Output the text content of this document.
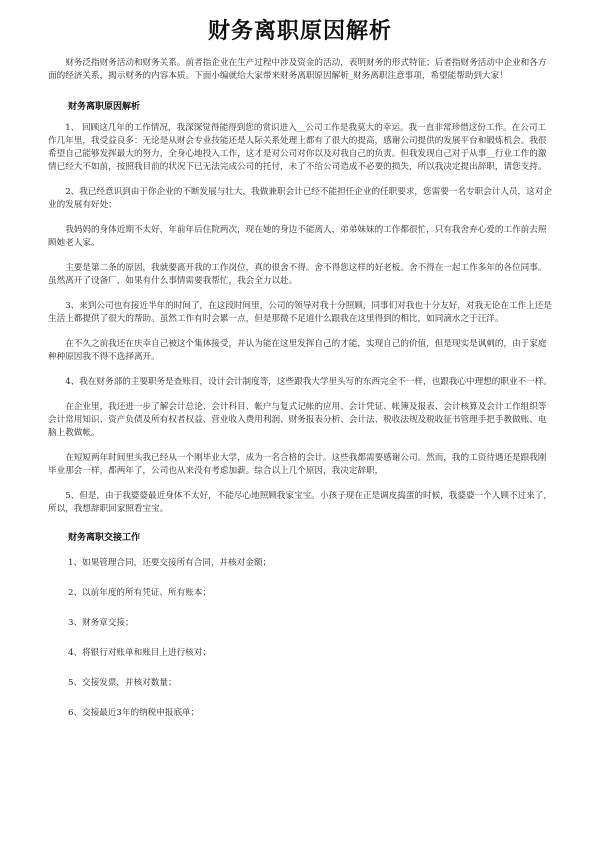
财务离职原因解析

财务泛指财务活动和财务关系。前者指企业在生产过程中涉及资金的活动，表明财务的形式特征；后者指财务活动中企业和各方面的经济关系，揭示财务的内容本质。下面小编就给大家带来财务离职原因解析_财务离职注意事项，希望能帮助到大家！

财务离职原因解析

1、 回顾这几年的工作情况，我深深觉得能得到您的赏识进入__公司工作是我莫大的幸运。我一直非常珍惜这份工作。在公司工作几年里，我受益良多：无论是从财会专业技能还是人际关系处理上都有了很大的提高，感谢公司提供的发展平台和锻炼机会。我很希望自己能够发挥最大的努力，全身心地投入工作，这才是对公司对你以及对我自己的负责。但我发现自己对于从事__行业工作的激情已经大不如前，按照我目前的状况下已无法完成公司的托付，未了不给公司造成不必要的损失，所以我决定提出辞职，请您支持。

2、我已经意识到由于你企业的不断发展与壮大，我做兼职会计已经不能担任企业的任职要求，您需要一名专职会计人员，这对企业的发展有好处；

我妈妈的身体近期不太好，年前年后住院两次，现在她的身边不能离人，弟弟妹妹的工作都很忙，只有我舍弃心爱的工作前去照顾她老人家。

主要是第二条的原因，我就要离开我的工作岗位，真的很舍不得。舍不得您这样的好老板。舍不得在一起工作多年的各位同事。虽然离开了设备厂，如果有什么事情需要我帮忙，我会全力以赴。

3、来到公司也有接近半年的时间了，在这段时间里，公司的领导对我十分照顾，同事们对我也十分友好，对我无论在工作上还是生活上都提供了很大的帮助。虽然工作有时会累一点，但是那微不足道什么跟我在这里得到的相比，如同滴水之于汪洋。

在不久之前我还在庆幸自己被这个集体接受，并认为能在这里发挥自己的才能，实现自己的价值，但是现实是讽刺的，由于家庭种种原因我不得不选择离开。

4、我在财务部的主要职务是查账目，设计会计制度等，这些跟我大学里头写的东西完全不一样，也跟我心中理想的职业不一样。

在企业里，我还进一步了解会计总论、会计科目、帐户与复式记帐的应用、会计凭证、帐簿及报表、会计核算及会计工作组织等会计常用知识、资产负债及所有权者权益、营业收入费用利润、财务报表分析、会计法、税收法规及税收征书管理手把手教做账、电脑上教做帐。

在短短两年时间里头我已经从一个刚毕业大学，成为一名合格的会计。这些我都需要感谢公司。然而，我的工资待遇还是跟我刚毕业那会一样，都两年了，公司也从来没有考虑加薪。综合以上几个原因，我决定辞职，

5、但是，由于我婆婆最近身体不太好，不能尽心地照顾我家宝宝。小孩子现在正是调皮捣蛋的时候，我婆婆一个人顾不过来了，所以，我想辞职回家照看宝宝。

财务离职交接工作

1、如果管理合同，还要交接所有合同，并核对金额；

2、以前年度的所有凭证、所有账本；

3、财务章交接；

4、将银行对账单和账目上进行核对；

5、交接发票，并核对数量；

6、交接最近3年的纳税申报底单；
